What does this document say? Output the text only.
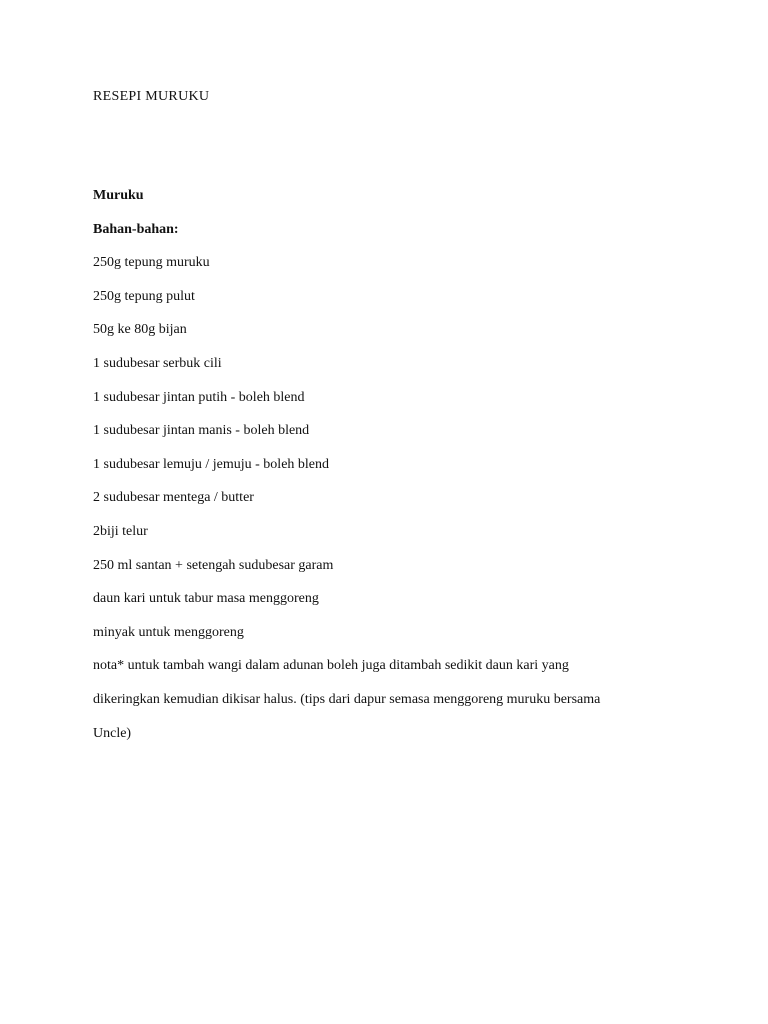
RESEPI MURUKU

Muruku

Bahan-bahan:

250g tepung muruku

250g tepung pulut

50g ke 80g bijan

1 sudubesar serbuk cili

1 sudubesar jintan putih - boleh blend

1 sudubesar jintan manis - boleh blend

1 sudubesar lemuju / jemuju - boleh blend

2 sudubesar mentega / butter

2biji telur

250 ml santan + setengah sudubesar garam

daun kari untuk tabur masa menggoreng

minyak untuk menggoreng

nota* untuk tambah wangi dalam adunan boleh juga ditambah sedikit daun kari yang
dikeringkan kemudian dikisar halus. (tips dari dapur semasa menggoreng muruku bersama
Uncle)
